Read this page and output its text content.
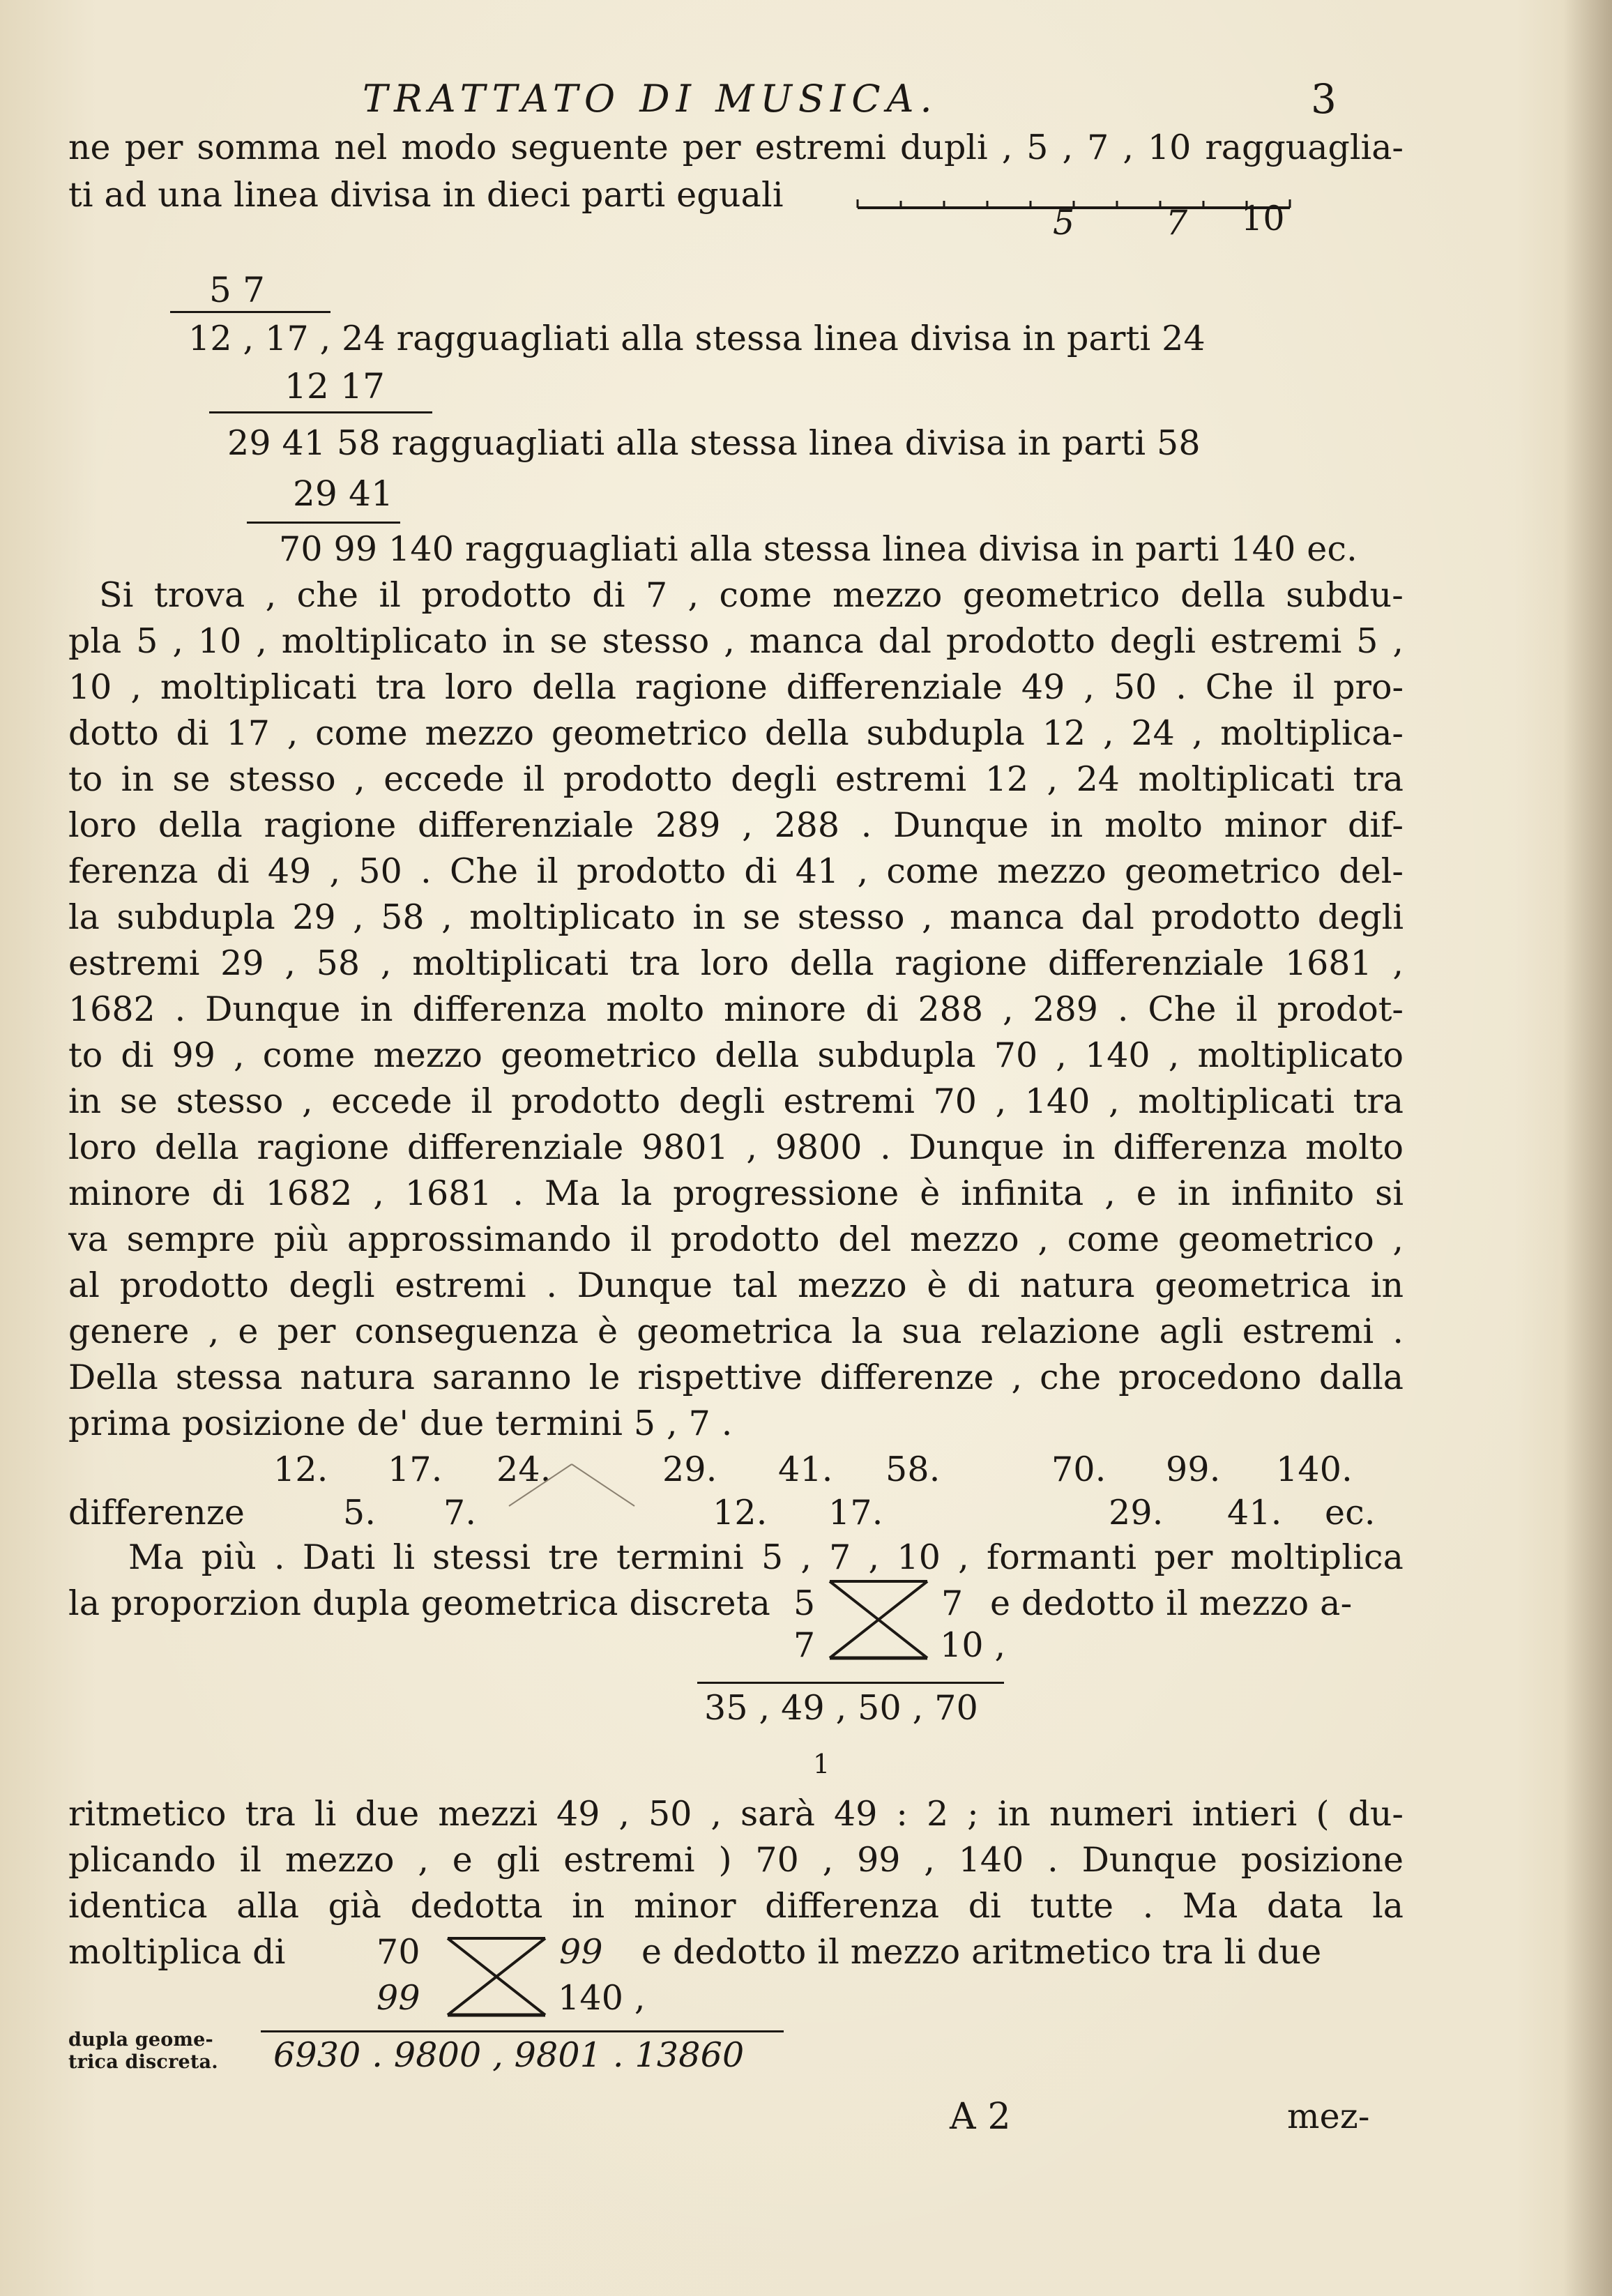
TRATTATO DI MUSICA.	3
ne per somma nel modo seguente per estremi dupli , 5 , 7 , 10 ragguaglia-
ti ad una linea divisa in dieci parti eguali
5	7 10
5 7
12 , 17 , 24 ragguagliati alla stessa linea divisa in parti 24
12 17
29 41 58 ragguagliati alla stessa linea divisa in parti 58
29 41
70 99 140 ragguagliati alla stessa linea divisa in parti 140 ec.
Si trova , che il prodotto di 7 , come mezzo geometrico della subdu-
pla 5 , 10 , moltiplicato in se stesso , manca dal prodotto degli estremi 5 ,
10 , moltiplicati tra loro della ragione differenziale 49 , 50 . Che il pro-
dotto di 17 , come mezzo geometrico della subdupla 12 , 24 , moltiplica-
to in se stesso , eccede il prodotto degli estremi 12 , 24 moltiplicati tra
loro della ragione differenziale 289 , 288 . Dunque in molto minor dif-
ferenza di 49 , 50 . Che il prodotto di 41 , come mezzo geometrico del-
la subdupla 29 , 58 , moltiplicato in se stesso , manca dal prodotto degli
estremi 29 , 58 , moltiplicati tra loro della ragione differenziale 1681 ,
1682 . Dunque in differenza molto minore di 288 , 289 . Che il prodot-
to di 99 , come mezzo geometrico della subdupla 70 , 140 , moltiplicato
in se stesso , eccede il prodotto degli estremi 70 , 140 , moltiplicati tra
loro della ragione differenziale 9801 , 9800 . Dunque in differenza molto
minore di 1682 , 1681 . Ma la progressione è infinita , e in infinito si
va sempre più approssimando il prodotto del mezzo , come geometrico ,
al prodotto degli estremi . Dunque tal mezzo è di natura geometrica in
genere , e per conseguenza è geometrica la sua relazione agli estremi .
Della stessa natura saranno le rispettive differenze , che procedono dalla
prima posizione de' due termini 5 , 7 .
12. 17. 24.	29. 41. 58.	70. 99. 140.
differenze	5. 7.	12. 17.	29. 41. ec.
Ma più . Dati li stessi tre termini 5 , 7 , 10 , formanti per moltiplica
la proporzion dupla geometrica discreta 5	7 e dedotto il mezzo a-
7	10 ,
35 , 49 , 50 , 70
1
ritmetico tra li due mezzi 49 , 50 , sarà 49 : 2 ; in numeri intieri ( du-
plicando il mezzo , e gli estremi ) 70 , 99 , 140 . Dunque posizione
identica alla già dedotta in minor differenza di tutte . Ma data la
moltiplica di	70	99 e dedotto il mezzo aritmetico tra li due
99	140 ,
dupla geome-
trica discreta. 6930 . 9800 , 9801 . 13860
A 2	mez-
